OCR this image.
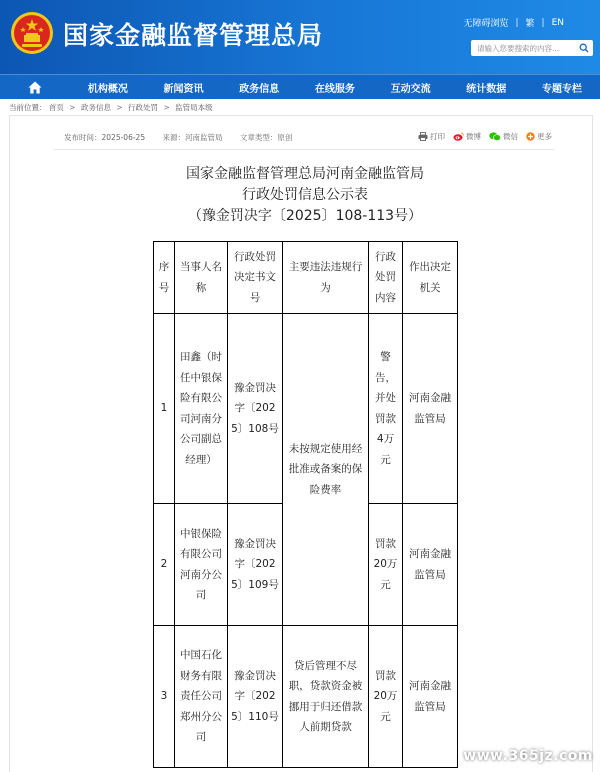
国家金融监督管理总局	无障碍浏览 | 繁 | EN
请输入您要搜索的内容...
机构概况	新闻资讯	政务信息	在线服务	互动交流	统计数据	专题专栏
当前位置： 首页 > 政务信息 > 行政处罚 > 监管局本级
发布时间：2025-06-25 来源：河南监管局 文章类型：原创	打印	微博	微信	更多
国家金融监督管理总局河南金融监管局
行政处罚信息公示表
（豫金罚决字〔2025〕108-113号）
序号	当事人名称	行政处罚决定书文号	主要违法违规行为	行政处罚内容	作出决定机关
1	田鑫（时任中银保险有限公司河南分公司副总经理）	豫金罚决字〔2025〕108号	未按规定使用经批准或备案的保险费率	警告，并处罚款4万元	河南金融监管局
2	中银保险有限公司河南分公司	豫金罚决字〔2025〕109号		罚款20万元	河南金融监管局
3	中国石化财务有限责任公司郑州分公司	豫金罚决字〔2025〕110号	贷后管理不尽职，贷款资金被挪用于归还借款人前期贷款	罚款20万元	河南金融监管局
www.365jz.com
